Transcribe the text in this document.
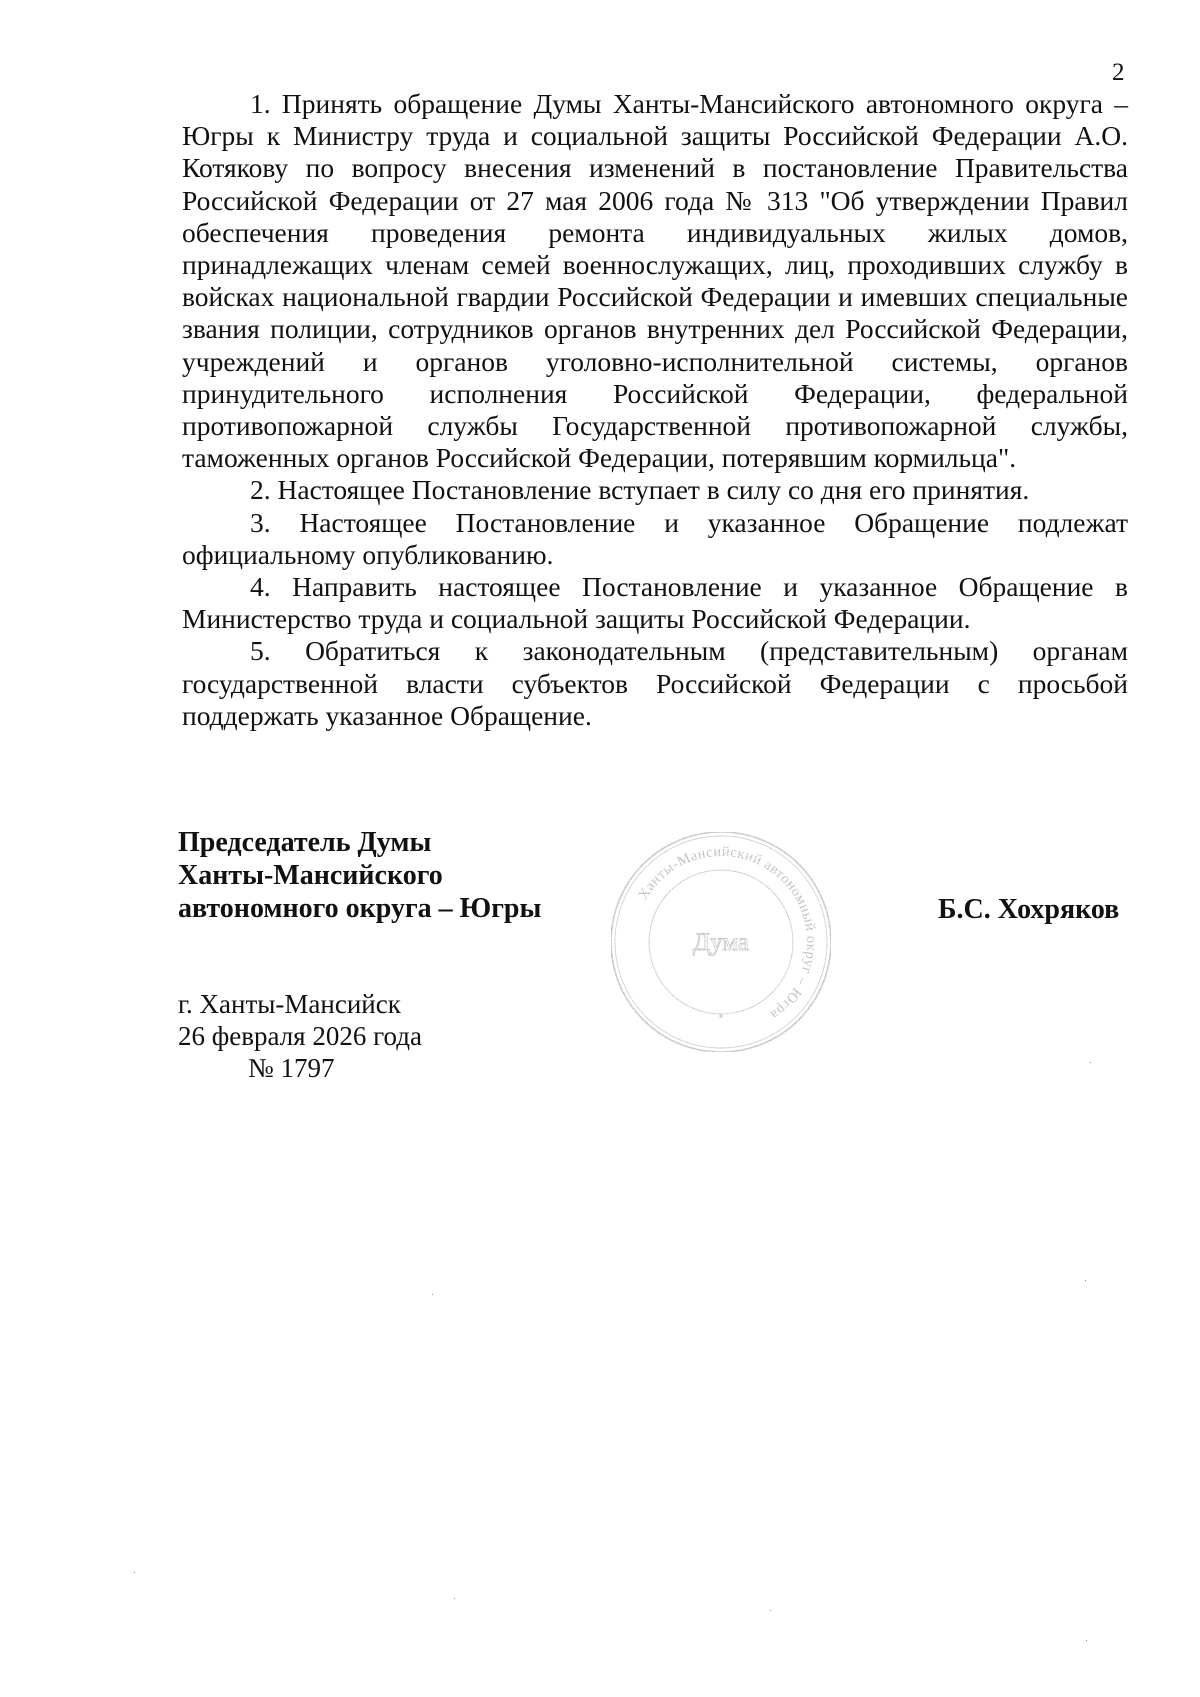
2

1. Принять обращение Думы Ханты-Мансийского автономного округа – Югры к Министру труда и социальной защиты Российской Федерации А.О. Котякову по вопросу внесения изменений в постановление Правительства Российской Федерации от 27 мая 2006 года № 313 "Об утверждении Правил обеспечения проведения ремонта индивидуальных жилых домов, принадлежащих членам семей военнослужащих, лиц, проходивших службу в войсках национальной гвардии Российской Федерации и имевших специальные звания полиции, сотрудников органов внутренних дел Российской Федерации, учреждений и органов уголовно-исполнительной системы, органов принудительного исполнения Российской Федерации, федеральной противопожарной службы Государственной противопожарной службы, таможенных органов Российской Федерации, потерявшим кормильца".

2. Настоящее Постановление вступает в силу со дня его принятия.

3. Настоящее Постановление и указанное Обращение подлежат официальному опубликованию.

4. Направить настоящее Постановление и указанное Обращение в Министерство труда и социальной защиты Российской Федерации.

5. Обратиться к законодательным (представительным) органам государственной власти субъектов Российской Федерации с просьбой поддержать указанное Обращение.

Председатель Думы
Ханты-Мансийского
автономного округа – Югры	Ханты-Мансийский автономный округ – Югра
Дума
Б.С. Хохряков
г. Ханты-Мансийск
26 февраля 2026 года
№ 1797
